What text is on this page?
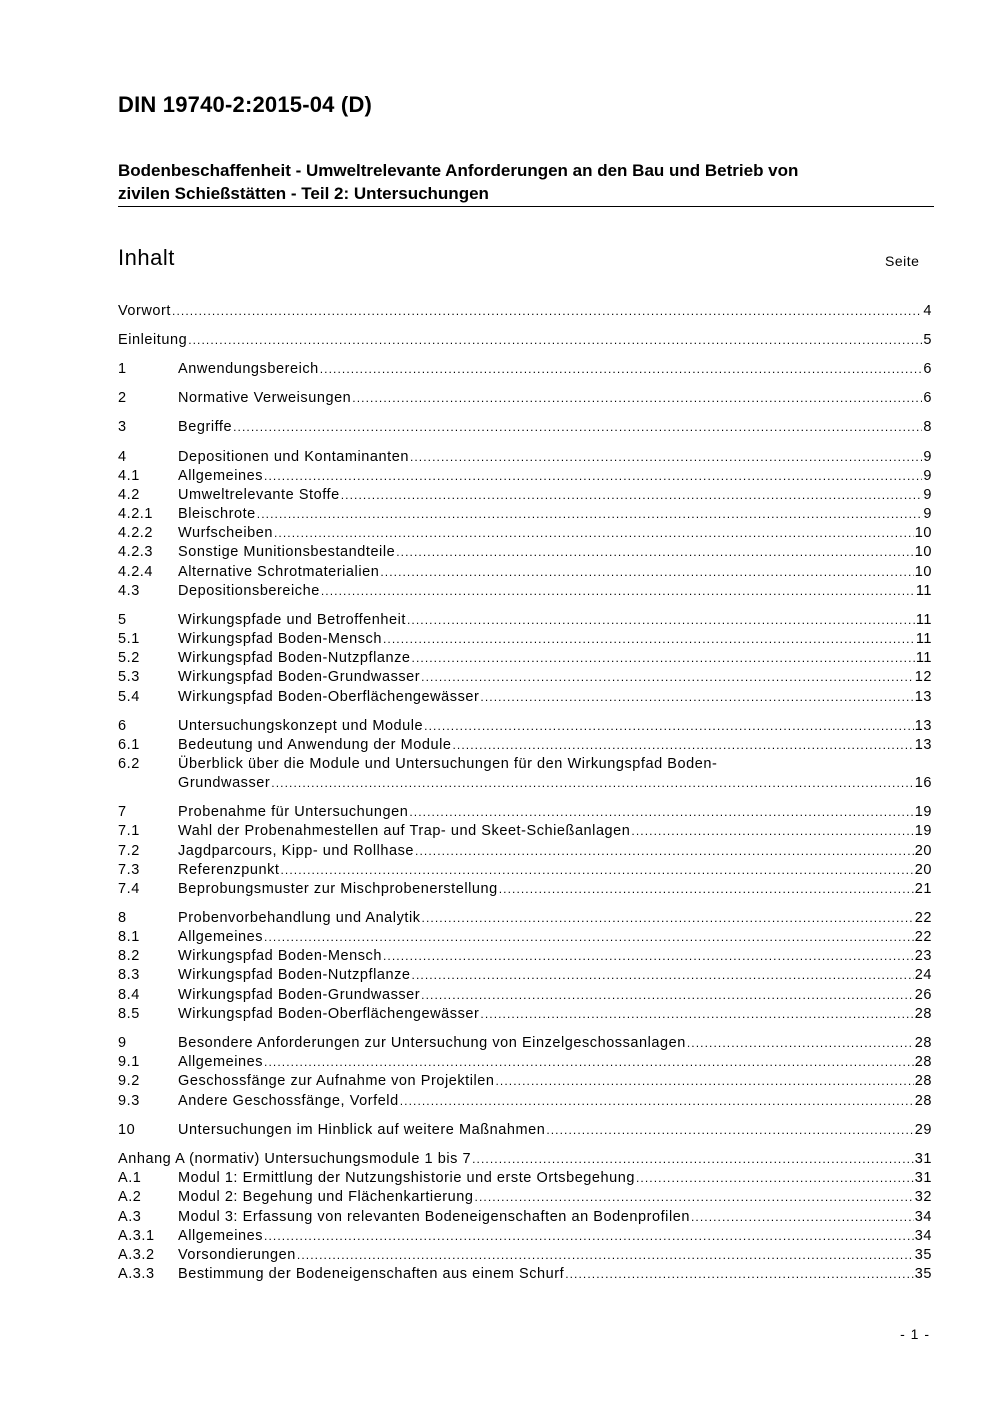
DIN 19740-2:2015-04 (D)
Bodenbeschaffenheit - Umweltrelevante Anforderungen an den Bau und Betrieb von
zivilen Schießstätten - Teil 2: Untersuchungen
Inhalt	Seite
Vorwort .....	4
Einleitung .....	5
1	Anwendungsbereich .....	6
2	Normative Verweisungen .....	6
3	Begriffe .....	8
4	Depositionen und Kontaminanten .....	9
4.1	Allgemeines .....	9
4.2	Umweltrelevante Stoffe .....	9
4.2.1	Bleischrote .....	9
4.2.2	Wurfscheiben .....	10
4.2.3	Sonstige Munitionsbestandteile .....	10
4.2.4	Alternative Schrotmaterialien .....	10
4.3	Depositionsbereiche .....	11
5	Wirkungspfade und Betroffenheit .....	11
5.1	Wirkungspfad Boden-Mensch .....	11
5.2	Wirkungspfad Boden-Nutzpflanze .....	11
5.3	Wirkungspfad Boden-Grundwasser .....	12
5.4	Wirkungspfad Boden-Oberflächengewässer .....	13
6	Untersuchungskonzept und Module .....	13
6.1	Bedeutung und Anwendung der Module .....	13
6.2	Überblick über die Module und Untersuchungen für den Wirkungspfad Boden-
Grundwasser .....	16
7	Probenahme für Untersuchungen .....	19
7.1	Wahl der Probenahmestellen auf Trap- und Skeet-Schießanlagen .....	19
7.2	Jagdparcours, Kipp- und Rollhase .....	20
7.3	Referenzpunkt .....	20
7.4	Beprobungsmuster zur Mischprobenerstellung .....	21
8	Probenvorbehandlung und Analytik .....	22
8.1	Allgemeines .....	22
8.2	Wirkungspfad Boden-Mensch .....	23
8.3	Wirkungspfad Boden-Nutzpflanze .....	24
8.4	Wirkungspfad Boden-Grundwasser .....	26
8.5	Wirkungspfad Boden-Oberflächengewässer .....	28
9	Besondere Anforderungen zur Untersuchung von Einzelgeschossanlagen .....	28
9.1	Allgemeines .....	28
9.2	Geschossfänge zur Aufnahme von Projektilen .....	28
9.3	Andere Geschossfänge, Vorfeld .....	28
10	Untersuchungen im Hinblick auf weitere Maßnahmen .....	29
Anhang A (normativ) Untersuchungsmodule 1 bis 7 .....	31
A.1	Modul 1: Ermittlung der Nutzungshistorie und erste Ortsbegehung .....	31
A.2	Modul 2: Begehung und Flächenkartierung .....	32
A.3	Modul 3: Erfassung von relevanten Bodeneigenschaften an Bodenprofilen .....	34
A.3.1	Allgemeines .....	34
A.3.2	Vorsondierungen .....	35
A.3.3	Bestimmung der Bodeneigenschaften aus einem Schurf .....	35
- 1 -
